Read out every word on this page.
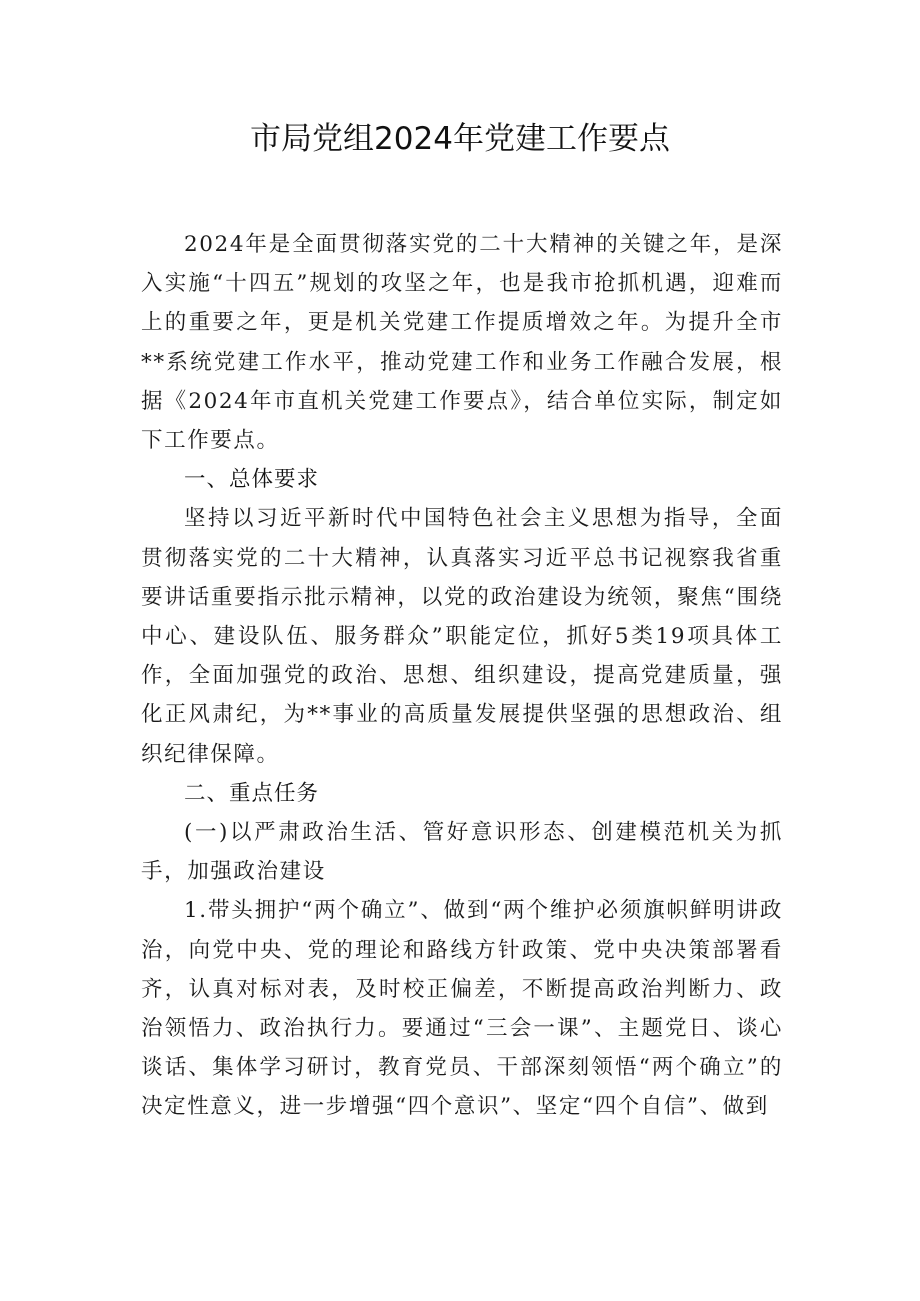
市局党组2024年党建工作要点

2024年是全面贯彻落实党的二十大精神的关键之年，是深入实施“十四五”规划的攻坚之年，也是我市抢抓机遇，迎难而上的重要之年，更是机关党建工作提质增效之年。为提升全市**系统党建工作水平，推动党建工作和业务工作融合发展，根据《2024年市直机关党建工作要点》，结合单位实际，制定如下工作要点。

一、总体要求

坚持以习近平新时代中国特色社会主义思想为指导，全面贯彻落实党的二十大精神，认真落实习近平总书记视察我省重要讲话重要指示批示精神，以党的政治建设为统领，聚焦“围绕中心、建设队伍、服务群众”职能定位，抓好5类19项具体工作，全面加强党的政治、思想、组织建设，提高党建质量，强化正风肃纪，为**事业的高质量发展提供坚强的思想政治、组织纪律保障。

二、重点任务

(一)以严肃政治生活、管好意识形态、创建模范机关为抓手，加强政治建设

1.带头拥护“两个确立”、做到“两个维护必须旗帜鲜明讲政治，向党中央、党的理论和路线方针政策、党中央决策部署看齐，认真对标对表，及时校正偏差，不断提高政治判断力、政治领悟力、政治执行力。要通过“三会一课”、主题党日、谈心谈话、集体学习研讨，教育党员、干部深刻领悟“两个确立”的决定性意义，进一步增强“四个意识”、坚定“四个自信”、做到
